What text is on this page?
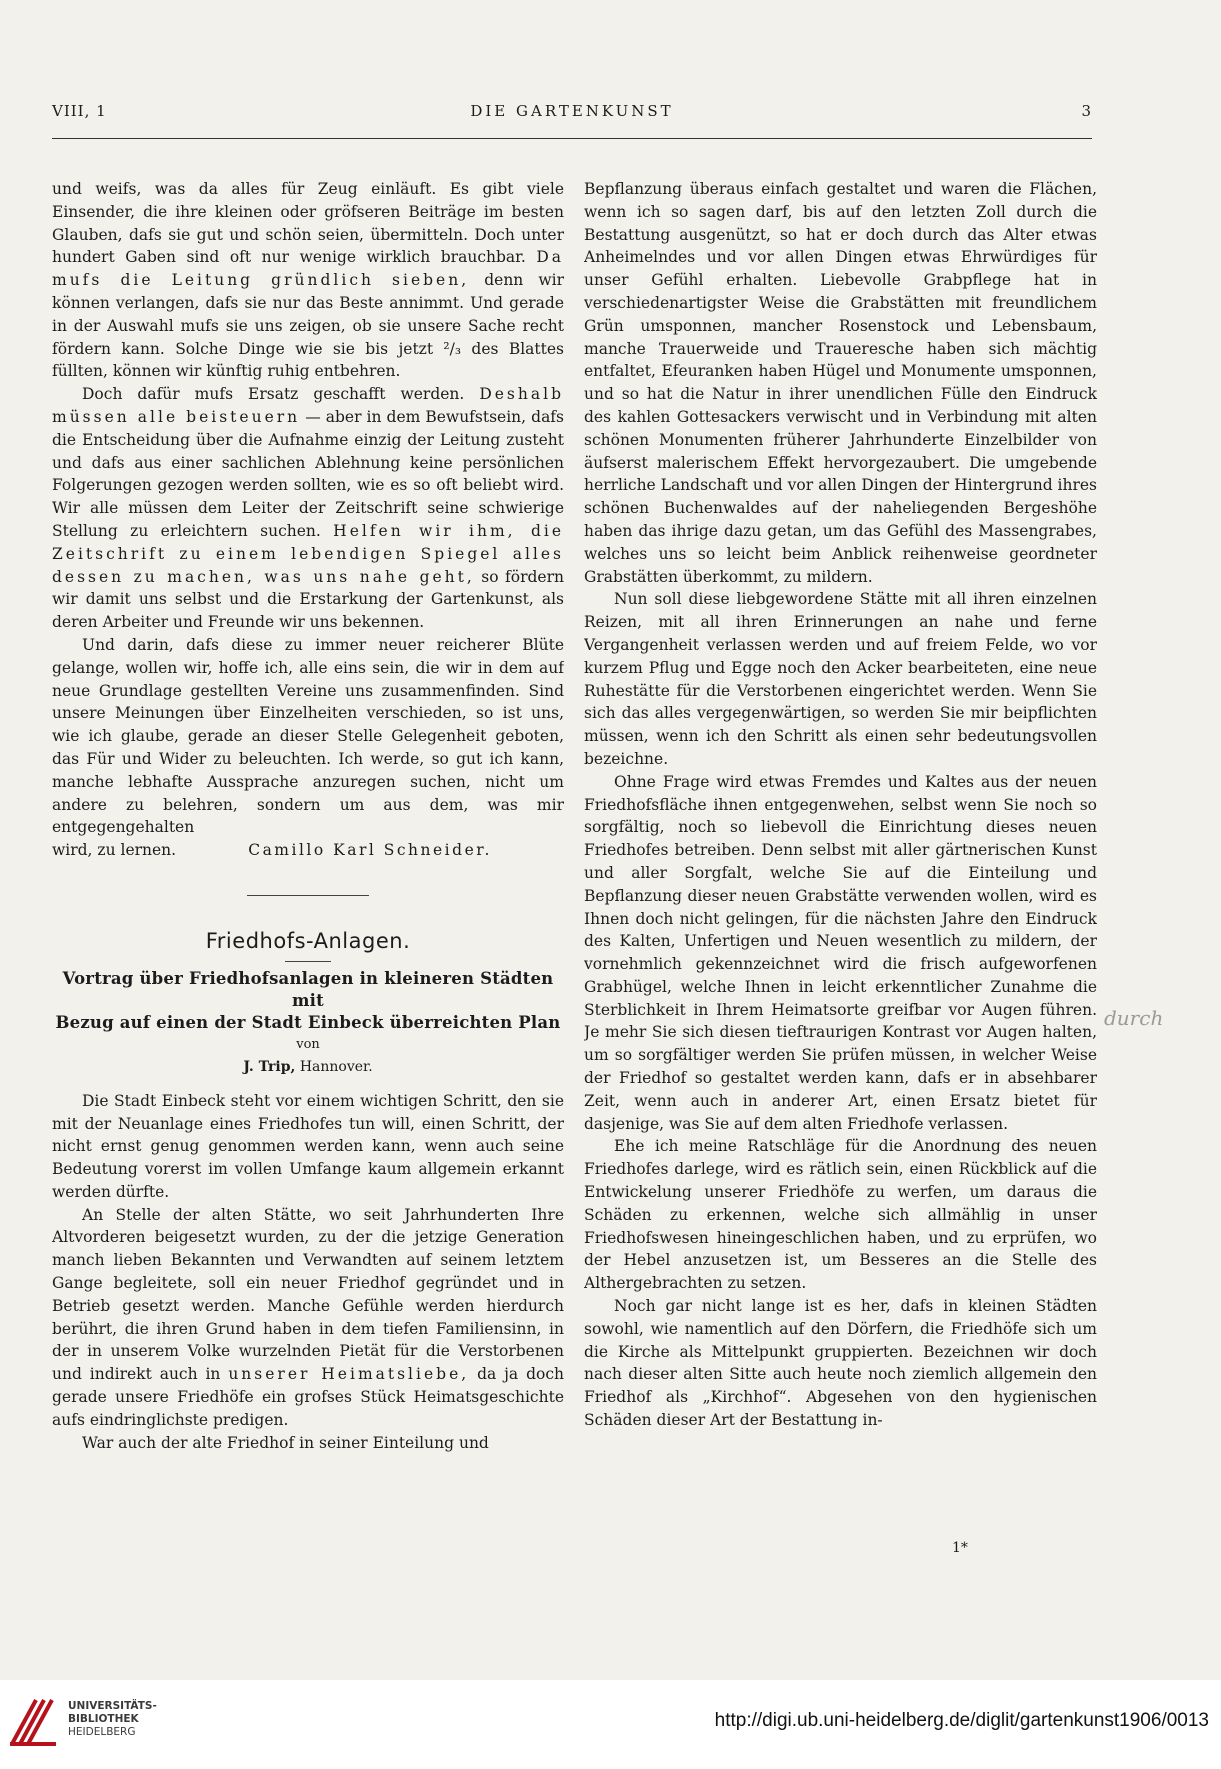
VIII, 1	DIE GARTENKUNST	3

und weifs, was da alles für Zeug einläuft. Es gibt viele Einsender, die ihre kleinen oder gröfseren Beiträge im besten Glauben, dafs sie gut und schön seien, übermitteln. Doch unter hundert Gaben sind oft nur wenige wirklich brauchbar. Da mufs die Leitung gründlich sieben, denn wir können verlangen, dafs sie nur das Beste annimmt. Und gerade in der Auswahl mufs sie uns zeigen, ob sie unsere Sache recht fördern kann. Solche Dinge wie sie bis jetzt ²/₃ des Blattes füllten, können wir künftig ruhig entbehren.

Doch dafür mufs Ersatz geschafft werden. Deshalb müssen alle beisteuern — aber in dem Bewufstsein, dafs die Entscheidung über die Aufnahme einzig der Leitung zusteht und dafs aus einer sachlichen Ablehnung keine persönlichen Folgerungen gezogen werden sollten, wie es so oft beliebt wird. Wir alle müssen dem Leiter der Zeitschrift seine schwierige Stellung zu erleichtern suchen. Helfen wir ihm, die Zeitschrift zu einem lebendigen Spiegel alles dessen zu machen, was uns nahe geht, so fördern wir damit uns selbst und die Erstarkung der Gartenkunst, als deren Arbeiter und Freunde wir uns bekennen.

Und darin, dafs diese zu immer neuer reicherer Blüte gelange, wollen wir, hoffe ich, alle eins sein, die wir in dem auf neue Grundlage gestellten Vereine uns zusammenfinden. Sind unsere Meinungen über Einzelheiten verschieden, so ist uns, wie ich glaube, gerade an dieser Stelle Gelegenheit geboten, das Für und Wider zu beleuchten. Ich werde, so gut ich kann, manche lebhafte Aussprache anzuregen suchen, nicht um andere zu belehren, sondern um aus dem, was mir entgegengehalten

wird, zu lernen.	Camillo Karl Schneider.

Friedhofs-Anlagen.
Vortrag über Friedhofsanlagen in kleineren Städten mit
Bezug auf einen der Stadt Einbeck überreichten Plan
von
J. Trip, Hannover.

Die Stadt Einbeck steht vor einem wichtigen Schritt, den sie mit der Neuanlage eines Friedhofes tun will, einen Schritt, der nicht ernst genug genommen werden kann, wenn auch seine Bedeutung vorerst im vollen Umfange kaum allgemein erkannt werden dürfte.

An Stelle der alten Stätte, wo seit Jahrhunderten Ihre Altvorderen beigesetzt wurden, zu der die jetzige Generation manch lieben Bekannten und Verwandten auf seinem letztem Gange begleitete, soll ein neuer Friedhof gegründet und in Betrieb gesetzt werden. Manche Gefühle werden hierdurch berührt, die ihren Grund haben in dem tiefen Familiensinn, in der in unserem Volke wurzelnden Pietät für die Verstorbenen und indirekt auch in unserer Heimatsliebe, da ja doch gerade unsere Friedhöfe ein grofses Stück Heimatsgeschichte aufs eindringlichste predigen.

War auch der alte Friedhof in seiner Einteilung und

Bepflanzung überaus einfach gestaltet und waren die Flächen, wenn ich so sagen darf, bis auf den letzten Zoll durch die Bestattung ausgenützt, so hat er doch durch das Alter etwas Anheimelndes und vor allen Dingen etwas Ehrwürdiges für unser Gefühl erhalten. Liebevolle Grabpflege hat in verschiedenartigster Weise die Grabstätten mit freundlichem Grün umsponnen, mancher Rosenstock und Lebensbaum, manche Trauerweide und Traueresche haben sich mächtig entfaltet, Efeuranken haben Hügel und Monumente umsponnen, und so hat die Natur in ihrer unendlichen Fülle den Eindruck des kahlen Gottesackers verwischt und in Verbindung mit alten schönen Monumenten früherer Jahrhunderte Einzelbilder von äufserst malerischem Effekt hervorgezaubert. Die umgebende herrliche Landschaft und vor allen Dingen der Hintergrund ihres schönen Buchenwaldes auf der naheliegenden Bergeshöhe haben das ihrige dazu getan, um das Gefühl des Massengrabes, welches uns so leicht beim Anblick reihenweise geordneter Grabstätten überkommt, zu mildern.

Nun soll diese liebgewordene Stätte mit all ihren einzelnen Reizen, mit all ihren Erinnerungen an nahe und ferne Vergangenheit verlassen werden und auf freiem Felde, wo vor kurzem Pflug und Egge noch den Acker bearbeiteten, eine neue Ruhestätte für die Verstorbenen eingerichtet werden. Wenn Sie sich das alles vergegenwärtigen, so werden Sie mir beipflichten müssen, wenn ich den Schritt als einen sehr bedeutungsvollen bezeichne.

Ohne Frage wird etwas Fremdes und Kaltes aus der neuen Friedhofsfläche ihnen entgegenwehen, selbst wenn Sie noch so sorgfältig, noch so liebevoll die Einrichtung dieses neuen Friedhofes betreiben. Denn selbst mit aller gärtnerischen Kunst und aller Sorgfalt, welche Sie auf die Einteilung und Bepflanzung dieser neuen Grabstätte verwenden wollen, wird es Ihnen doch nicht gelingen, für die nächsten Jahre den Eindruck des Kalten, Unfertigen und Neuen wesentlich zu mildern, der vornehmlich gekennzeichnet wird die frisch aufgeworfenen Grabhügel, welche Ihnen in leicht erkenntlicher Zunahme die Sterblichkeit in Ihrem Heimatsorte greifbar vor Augen führen. Je mehr Sie sich diesen tieftraurigen Kontrast vor Augen halten, um so sorgfältiger werden Sie prüfen müssen, in welcher Weise der Friedhof so gestaltet werden kann, dafs er in absehbarer Zeit, wenn auch in anderer Art, einen Ersatz bietet für dasjenige, was Sie auf dem alten Friedhofe verlassen.

Ehe ich meine Ratschläge für die Anordnung des neuen Friedhofes darlege, wird es rätlich sein, einen Rückblick auf die Entwickelung unserer Friedhöfe zu werfen, um daraus die Schäden zu erkennen, welche sich allmählig in unser Friedhofswesen hineingeschlichen haben, und zu erprüfen, wo der Hebel anzusetzen ist, um Besseres an die Stelle des Althergebrachten zu setzen.

Noch gar nicht lange ist es her, dafs in kleinen Städten sowohl, wie namentlich auf den Dörfern, die Friedhöfe sich um die Kirche als Mittelpunkt gruppierten. Bezeichnen wir doch nach dieser alten Sitte auch heute noch ziemlich allgemein den Friedhof als „Kirchhof“. Abgesehen von den hygienischen Schäden dieser Art der Bestattung in-

1*
durch
UNIVERSITÄTS-
BIBLIOTHEK
HEIDELBERG
http://digi.ub.uni-heidelberg.de/diglit/gartenkunst1906/0013
